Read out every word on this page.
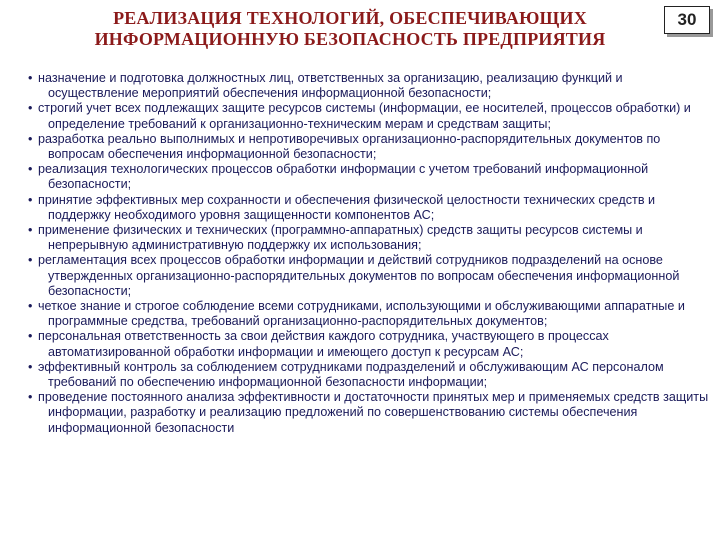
РЕАЛИЗАЦИЯ ТЕХНОЛОГИЙ, ОБЕСПЕЧИВАЮЩИХ
ИНФОРМАЦИОННУЮ БЕЗОПАСНОСТЬ ПРЕДПРИЯТИЯ
30
• назначение и подготовка должностных лиц, ответственных за организацию, реализацию функций и осуществление мероприятий обеспечения информационной безопасности;
• строгий учет всех подлежащих защите ресурсов системы (информации, ее носителей, процессов обработки) и определение требований к организационно-техническим мерам и средствам защиты;
• разработка реально выполнимых и непротиворечивых организационно-распорядительных документов по вопросам обеспечения информационной безопасности;
• реализация технологических процессов обработки информации с учетом требований информационной безопасности;
• принятие эффективных мер сохранности и обеспечения физической целостности технических средств и поддержку необходимого уровня защищенности компонентов АС;
• применение физических и технических (программно-аппаратных) средств защиты ресурсов системы и непрерывную административную поддержку их использования;
• регламентация всех процессов обработки информации и действий сотрудников подразделений на основе утвержденных организационно-распорядительных документов по вопросам обеспечения информационной безопасности;
• четкое знание и строгое соблюдение всеми сотрудниками, использующими и обслуживающими аппаратные и программные средства, требований организационно-распорядительных документов;
• персональная ответственность за свои действия каждого сотрудника, участвующего в процессах автоматизированной обработки информации и имеющего доступ к ресурсам АС;
• эффективный контроль за соблюдением сотрудниками подразделений и обслуживающим АС персоналом требований по обеспечению информационной безопасности информации;
• проведение постоянного анализа эффективности и достаточности принятых мер и применяемых средств защиты информации, разработку и реализацию предложений по совершенствованию системы обеспечения информационной безопасности
